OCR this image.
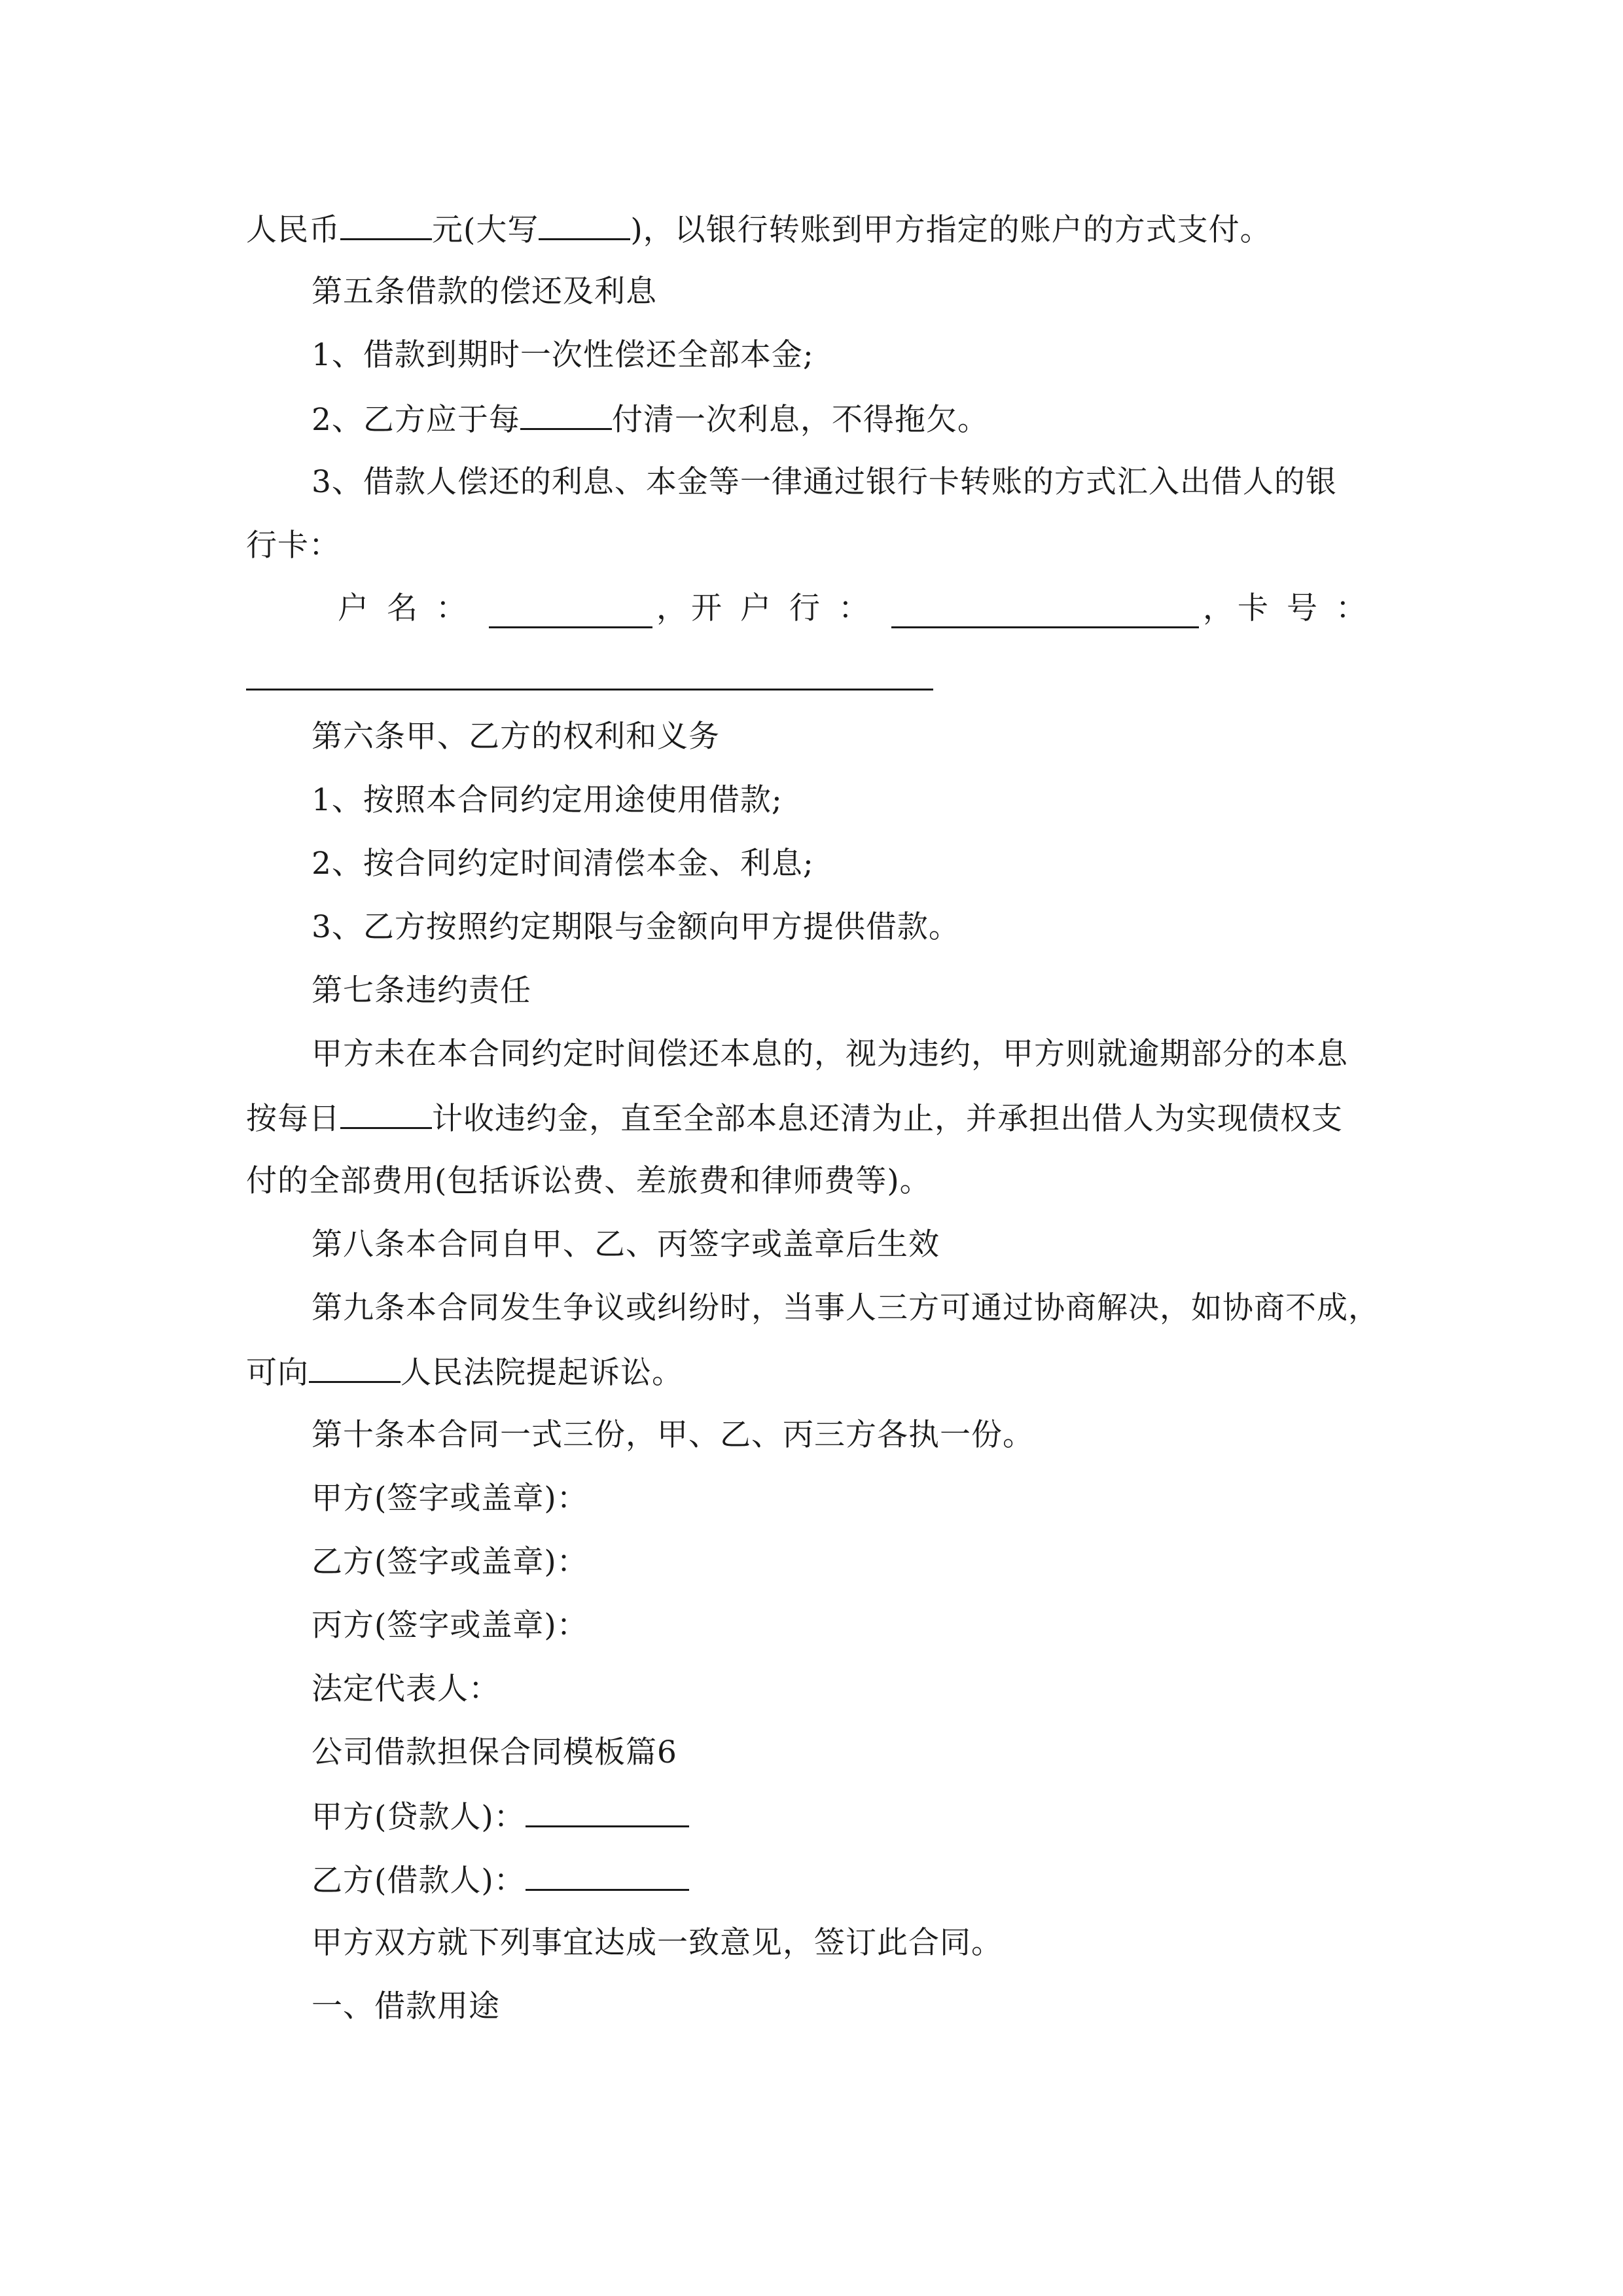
人民币	元(大写	)，以银行转账到甲方指定的账户的方式支付。
第五条借款的偿还及利息
1、借款到期时一次性偿还全部本金;
2、乙方应于每	付清一次利息，不得拖欠。
3、借款人偿还的利息、本金等一律通过银行卡转账的方式汇入出借人的银
行卡：
户名：	， 开户行：	， 卡号：
第六条甲、乙方的权利和义务
1、按照本合同约定用途使用借款;
2、按合同约定时间清偿本金、利息;
3、乙方按照约定期限与金额向甲方提供借款。
第七条违约责任
甲方未在本合同约定时间偿还本息的，视为违约，甲方则就逾期部分的本息
按每日	计收违约金，直至全部本息还清为止，并承担出借人为实现债权支
付的全部费用(包括诉讼费、差旅费和律师费等)。
第八条本合同自甲、乙、丙签字或盖章后生效
第九条本合同发生争议或纠纷时，当事人三方可通过协商解决，如协商不成，
可向	人民法院提起诉讼。
第十条本合同一式三份，甲、乙、丙三方各执一份。
甲方(签字或盖章)：
乙方(签字或盖章)：
丙方(签字或盖章)：
法定代表人：
公司借款担保合同模板篇6
甲方(贷款人)：
乙方(借款人)：
甲方双方就下列事宜达成一致意见，签订此合同。
一、借款用途
